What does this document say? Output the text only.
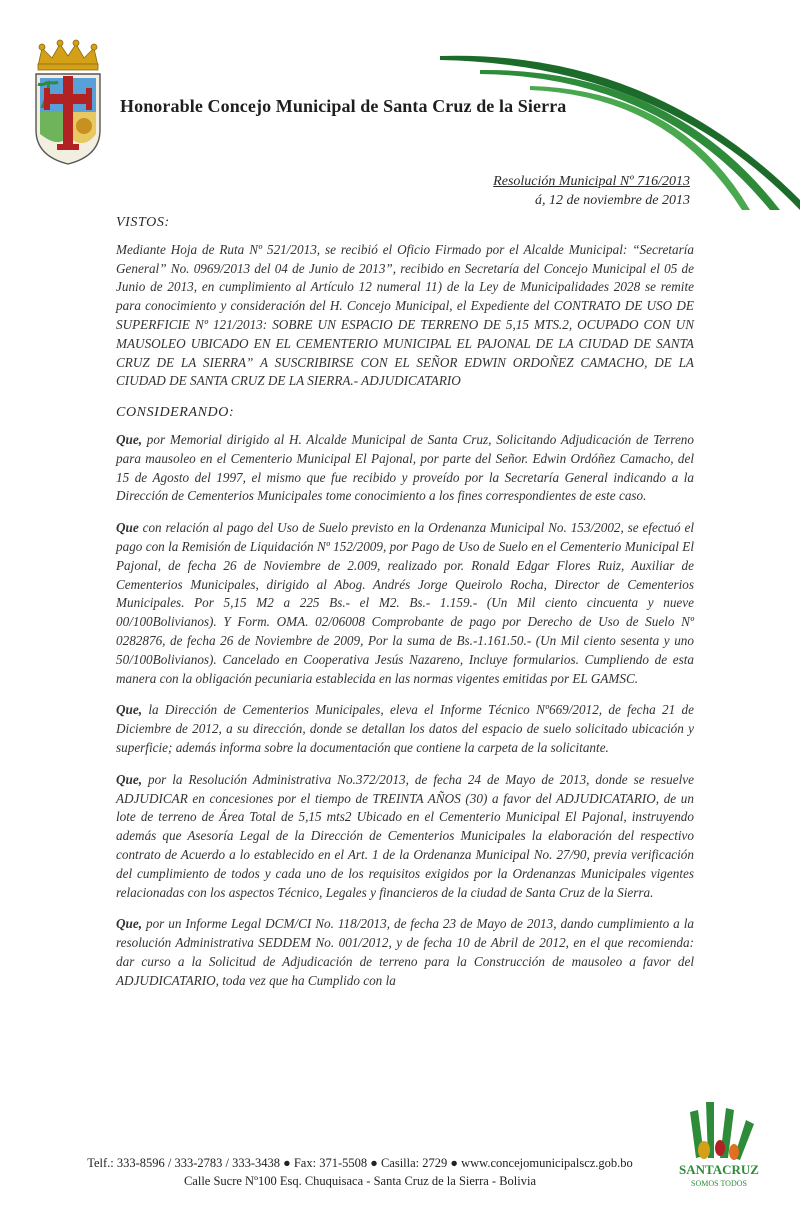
Honorable Concejo Municipal de Santa Cruz de la Sierra
Resolución Municipal Nº 716/2013
á, 12 de noviembre de 2013
VISTOS:

Mediante Hoja de Ruta Nº 521/2013, se recibió el Oficio Firmado por el Alcalde Municipal: “Secretaría General” No. 0969/2013 del 04 de Junio de 2013”, recibido en Secretaría del Concejo Municipal el 05 de Junio de 2013, en cumplimiento al Artículo 12 numeral 11) de la Ley de Municipalidades 2028 se remite para conocimiento y consideración del H. Concejo Municipal, el Expediente del CONTRATO DE USO DE SUPERFICIE Nº 121/2013: SOBRE UN ESPACIO DE TERRENO DE 5,15 MTS.2, OCUPADO CON UN MAUSOLEO UBICADO EN EL CEMENTERIO MUNICIPAL EL PAJONAL DE LA CIUDAD DE SANTA CRUZ DE LA SIERRA” A SUSCRIBIRSE CON EL SEÑOR EDWIN ORDOÑEZ CAMACHO, DE LA CIUDAD DE SANTA CRUZ DE LA SIERRA.- ADJUDICATARIO

CONSIDERANDO:

Que, por Memorial dirigido al H. Alcalde Municipal de Santa Cruz, Solicitando Adjudicación de Terreno para mausoleo en el Cementerio Municipal El Pajonal, por parte del Señor. Edwin Ordóñez Camacho, del 15 de Agosto del 1997, el mismo que fue recibido y proveído por la Secretaría General indicando a la Dirección de Cementerios Municipales tome conocimiento a los fines correspondientes de este caso.

Que con relación al pago del Uso de Suelo previsto en la Ordenanza Municipal No. 153/2002, se efectuó el pago con la Remisión de Liquidación Nº 152/2009, por Pago de Uso de Suelo en el Cementerio Municipal El Pajonal, de fecha 26 de Noviembre de 2.009, realizado por. Ronald Edgar Flores Ruiz, Auxiliar de Cementerios Municipales, dirigido al Abog. Andrés Jorge Queirolo Rocha, Director de Cementerios Municipales. Por 5,15 M2 a 225 Bs.- el M2. Bs.- 1.159.- (Un Mil ciento cincuenta y nueve 00/100Bolivianos). Y Form. OMA. 02/06008 Comprobante de pago por Derecho de Uso de Suelo Nº 0282876, de fecha 26 de Noviembre de 2009, Por la suma de Bs.-1.161.50.- (Un Mil ciento sesenta y uno 50/100Bolivianos). Cancelado en Cooperativa Jesús Nazareno, Incluye formularios. Cumpliendo de esta manera con la obligación pecuniaria establecida en las normas vigentes emitidas por EL GAMSC.

Que, la Dirección de Cementerios Municipales, eleva el Informe Técnico Nº669/2012, de fecha 21 de Diciembre de 2012, a su dirección, donde se detallan los datos del espacio de suelo solicitado ubicación y superficie; además informa sobre la documentación que contiene la carpeta de la solicitante.

Que, por la Resolución Administrativa No.372/2013, de fecha 24 de Mayo de 2013, donde se resuelve ADJUDICAR en concesiones por el tiempo de TREINTA AÑOS (30) a favor del ADJUDICATARIO, de un lote de terreno de Área Total de 5,15 mts2 Ubicado en el Cementerio Municipal El Pajonal, instruyendo además que Asesoría Legal de la Dirección de Cementerios Municipales la elaboración del respectivo contrato de Acuerdo a lo establecido en el Art. 1 de la Ordenanza Municipal No. 27/90, previa verificación del cumplimiento de todos y cada uno de los requisitos exigidos por la Ordenanzas Municipales vigentes relacionadas con los aspectos Técnico, Legales y financieros de la ciudad de Santa Cruz de la Sierra.

Que, por un Informe Legal DCM/CI No. 118/2013, de fecha 23 de Mayo de 2013, dando cumplimiento a la resolución Administrativa SEDDEM No. 001/2012, y de fecha 10 de Abril de 2012, en el que recomienda: dar curso a la Solicitud de Adjudicación de terreno para la Construcción de mausoleo a favor del ADJUDICATARIO, toda vez que ha Cumplido con la

Telf.: 333-8596 / 333-2783 / 333-3438 ● Fax: 371-5508 ● Casilla: 2729 ● www.concejomunicipalscz.gob.bo
Calle Sucre Nº100 Esq. Chuquisaca - Santa Cruz de la Sierra - Bolivia
SANTACRUZ
SOMOS TODOS
